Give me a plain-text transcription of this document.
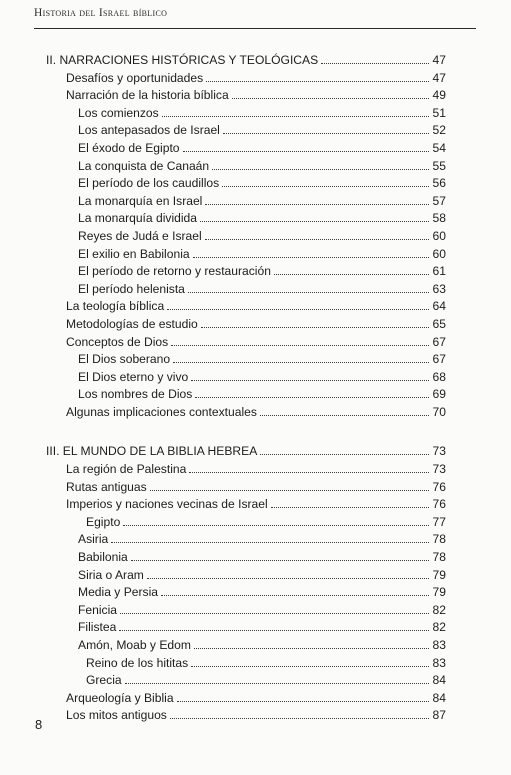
Historia del Israel bíblico
II. NARRACIONES HISTÓRICAS Y TEOLÓGICAS	47
Desafíos y oportunidades	47
Narración de la historia bíblica	49
Los comienzos	51
Los antepasados de Israel	52
El éxodo de Egipto	54
La conquista de Canaán	55
El período de los caudillos	56
La monarquía en Israel	57
La monarquía dividida	58
Reyes de Judá e Israel	60
El exilio en Babilonia	60
El período de retorno y restauración	61
El período helenista	63
La teología bíblica	64
Metodologías de estudio	65
Conceptos de Dios	67
El Dios soberano	67
El Dios eterno y vivo	68
Los nombres de Dios	69
Algunas implicaciones contextuales	70
III. EL MUNDO DE LA BIBLIA HEBREA	73
La región de Palestina	73
Rutas antiguas	76
Imperios y naciones vecinas de Israel	76
Egipto	77
Asiria	78
Babilonia	78
Siria o Aram	79
Media y Persia	79
Fenicia	82
Filistea	82
Amón, Moab y Edom	83
Reino de los hititas	83
Grecia	84
Arqueología y Biblia	84
Los mitos antiguos	87
8
